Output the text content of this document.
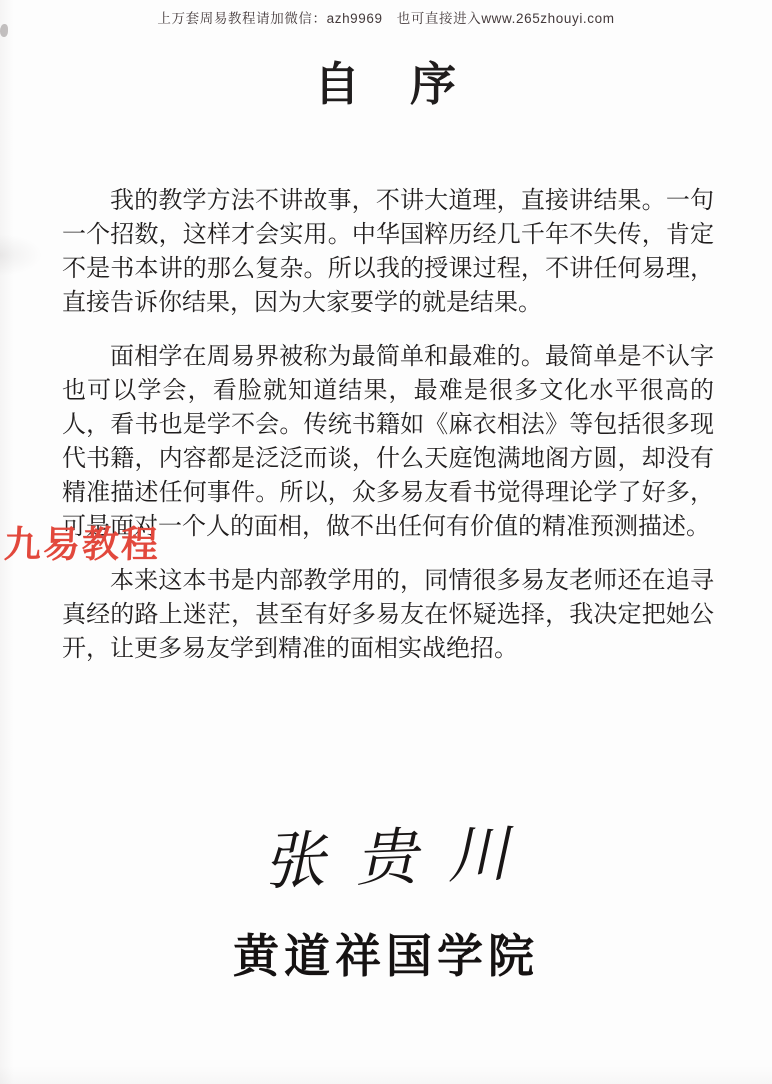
上万套周易教程请加微信：azh9969　也可直接进入www.265zhouyi.com
自　序

我的教学方法不讲故事，不讲大道理，直接讲结果。一句一个招数，这样才会实用。中华国粹历经几千年不失传，肯定不是书本讲的那么复杂。所以我的授课过程，不讲任何易理，直接告诉你结果，因为大家要学的就是结果。

面相学在周易界被称为最简单和最难的。最简单是不认字也可以学会，看脸就知道结果，最难是很多文化水平很高的人，看书也是学不会。传统书籍如《麻衣相法》等包括很多现代书籍，内容都是泛泛而谈，什么天庭饱满地阁方圆，却没有精准描述任何事件。所以，众多易友看书觉得理论学了好多，可是面对一个人的面相，做不出任何有价值的精准预测描述。

本来这本书是内部教学用的，同情很多易友老师还在追寻真经的路上迷茫，甚至有好多易友在怀疑选择，我决定把她公开，让更多易友学到精准的面相实战绝招。

九易教程
张贵川
黄道祥国学院
